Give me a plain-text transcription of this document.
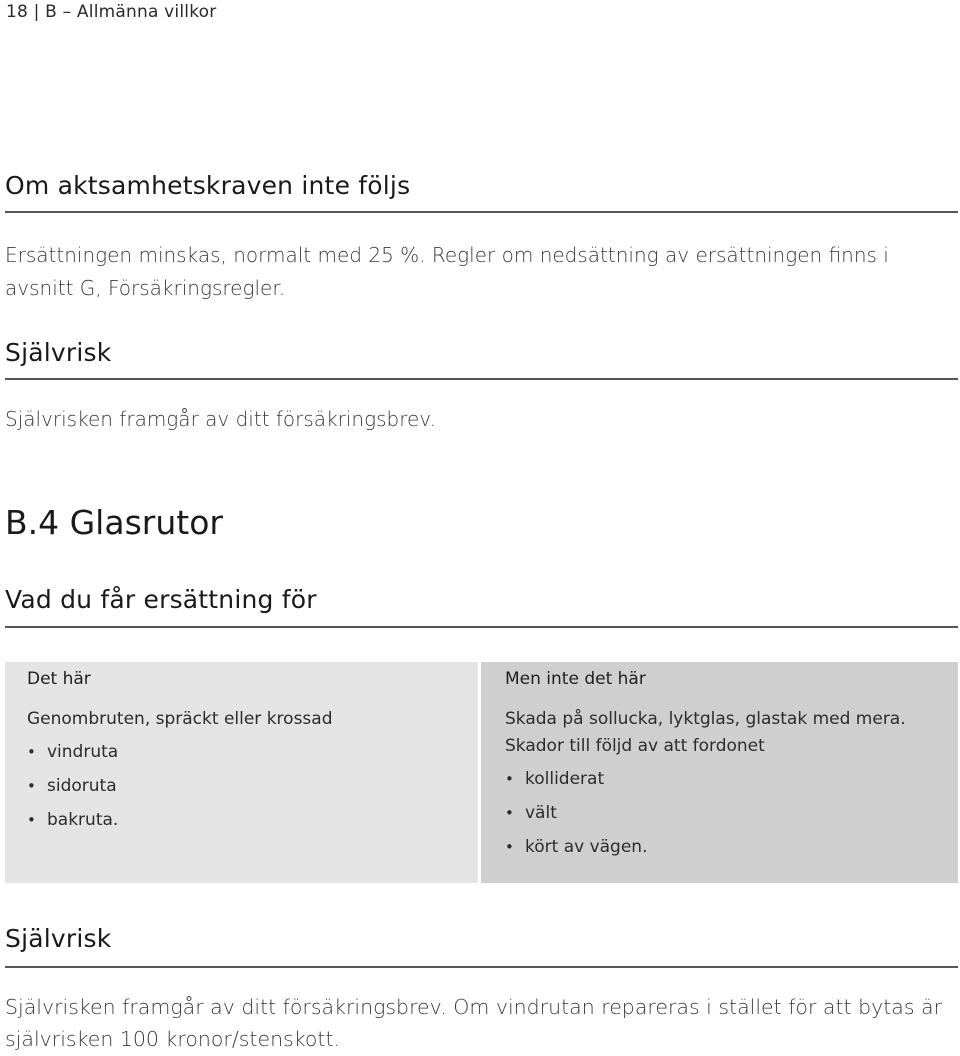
18 | B – Allmänna villkor
Om aktsamhetskraven inte följs

Ersättningen minskas, normalt med 25 %. Regler om nedsättning av ersättningen finns i

avsnitt G, Försäkringsregler.

Självrisk

Självrisken framgår av ditt försäkringsbrev.

B.4 Glasrutor
Vad du får ersättning för
Det här

Genombruten, spräckt eller krossad

• vindruta
• sidoruta
• bakruta.
Men inte det här

Skada på sollucka, lyktglas, glastak med mera.

Skador till följd av att fordonet

• kolliderat
• vält
• kört av vägen.
Självrisk

Självrisken framgår av ditt försäkringsbrev. Om vindrutan repareras i stället för att bytas är

självrisken 100 kronor/stenskott.
